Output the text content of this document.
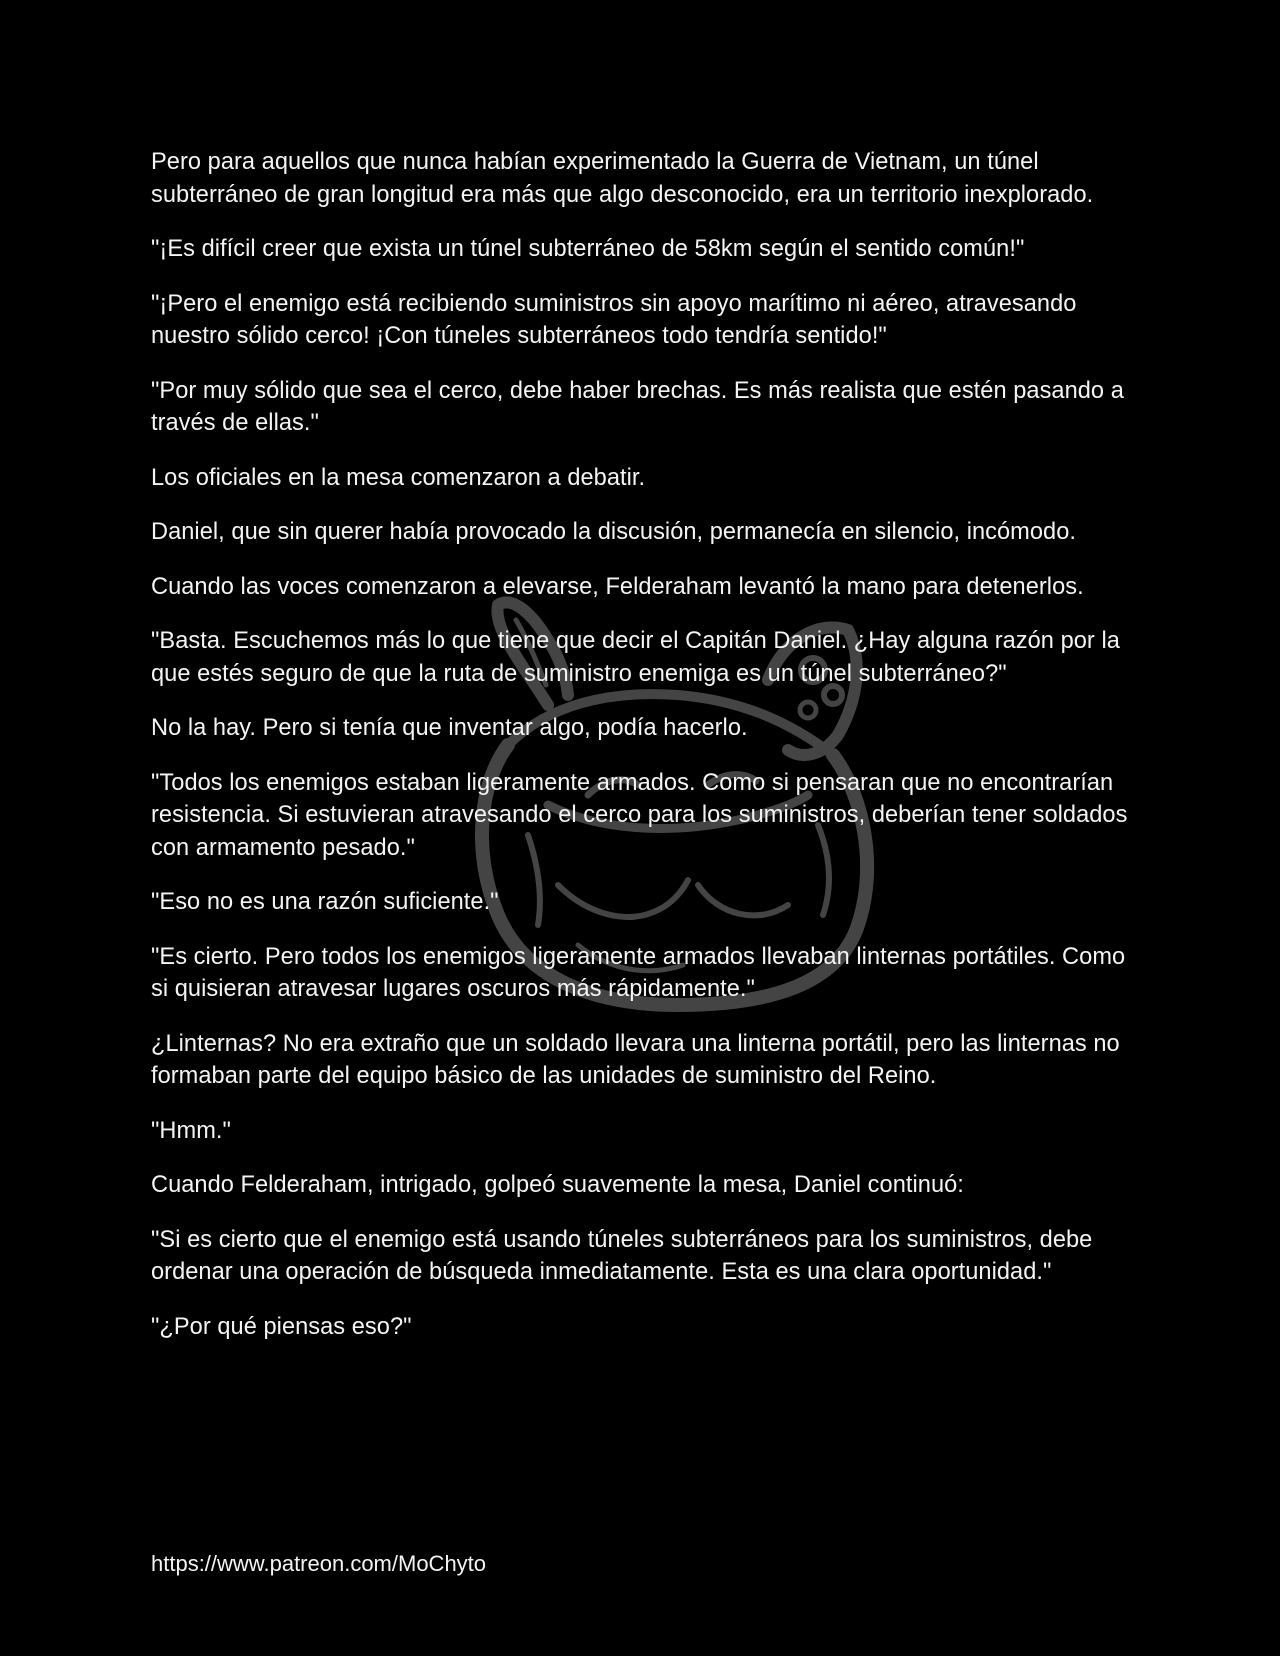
Pero para aquellos que nunca habían experimentado la Guerra de Vietnam, un túnel subterráneo de gran longitud era más que algo desconocido, era un territorio inexplorado.

"¡Es difícil creer que exista un túnel subterráneo de 58km según el sentido común!"

"¡Pero el enemigo está recibiendo suministros sin apoyo marítimo ni aéreo, atravesando nuestro sólido cerco! ¡Con túneles subterráneos todo tendría sentido!"

"Por muy sólido que sea el cerco, debe haber brechas. Es más realista que estén pasando a través de ellas."

Los oficiales en la mesa comenzaron a debatir.

Daniel, que sin querer había provocado la discusión, permanecía en silencio, incómodo.

Cuando las voces comenzaron a elevarse, Felderaham levantó la mano para detenerlos.

"Basta. Escuchemos más lo que tiene que decir el Capitán Daniel. ¿Hay alguna razón por la que estés seguro de que la ruta de suministro enemiga es un túnel subterráneo?"

No la hay. Pero si tenía que inventar algo, podía hacerlo.

"Todos los enemigos estaban ligeramente armados. Como si pensaran que no encontrarían resistencia. Si estuvieran atravesando el cerco para los suministros, deberían tener soldados con armamento pesado."

"Eso no es una razón suficiente."

"Es cierto. Pero todos los enemigos ligeramente armados llevaban linternas portátiles. Como si quisieran atravesar lugares oscuros más rápidamente."

¿Linternas? No era extraño que un soldado llevara una linterna portátil, pero las linternas no formaban parte del equipo básico de las unidades de suministro del Reino.

"Hmm."

Cuando Felderaham, intrigado, golpeó suavemente la mesa, Daniel continuó:

"Si es cierto que el enemigo está usando túneles subterráneos para los suministros, debe ordenar una operación de búsqueda inmediatamente. Esta es una clara oportunidad."

"¿Por qué piensas eso?"

https://www.patreon.com/MoChyto
